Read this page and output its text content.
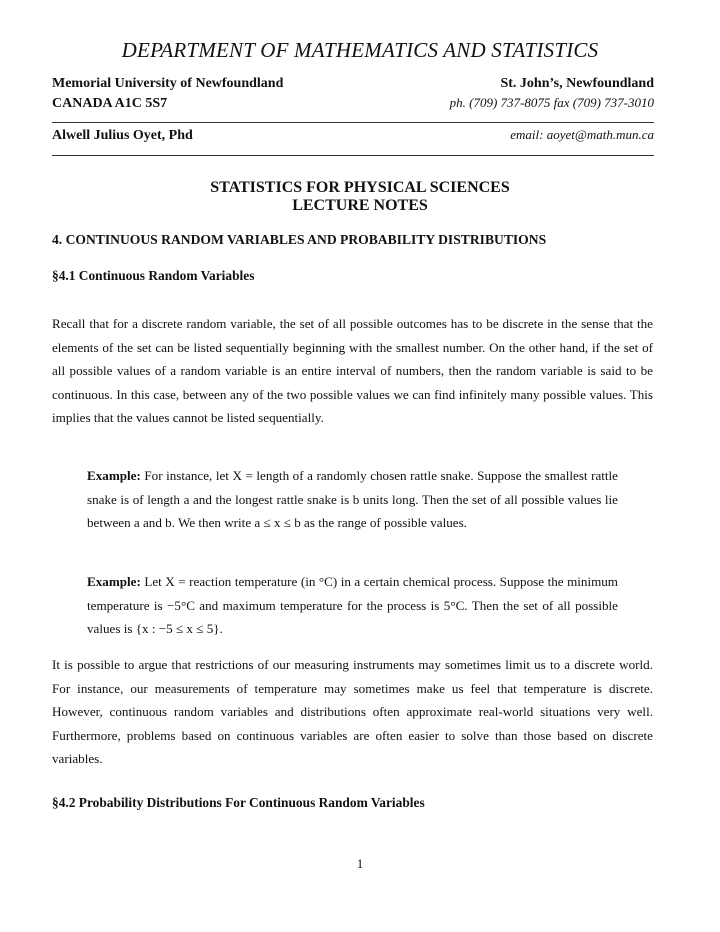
DEPARTMENT OF MATHEMATICS AND STATISTICS
Memorial University of Newfoundland	St. John’s, Newfoundland
CANADA A1C 5S7	ph. (709) 737-8075 fax (709) 737-3010
Alwell Julius Oyet, Phd	email: aoyet@math.mun.ca
STATISTICS FOR PHYSICAL SCIENCES
LECTURE NOTES
4. CONTINUOUS RANDOM VARIABLES AND PROBABILITY DISTRIBUTIONS
§4.1 Continuous Random Variables
Recall that for a discrete random variable, the set of all possible outcomes has to be discrete in the sense that the elements of the set can be listed sequentially beginning with the smallest number. On the other hand, if the set of all possible values of a random variable is an entire interval of numbers, then the random variable is said to be continuous. In this case, between any of the two possible values we can find infinitely many possible values. This implies that the values cannot be listed sequentially.
Example: For instance, let X = length of a randomly chosen rattle snake. Suppose the smallest rattle snake is of length a and the longest rattle snake is b units long. Then the set of all possible values lie between a and b. We then write a ≤ x ≤ b as the range of possible values.
Example: Let X = reaction temperature (in °C) in a certain chemical process. Suppose the minimum temperature is −5°C and maximum temperature for the process is 5°C. Then the set of all possible values is {x : −5 ≤ x ≤ 5}.
It is possible to argue that restrictions of our measuring instruments may sometimes limit us to a discrete world. For instance, our measurements of temperature may sometimes make us feel that temperature is discrete. However, continuous random variables and distributions often approximate real-world situations very well. Furthermore, problems based on continuous variables are often easier to solve than those based on discrete variables.
§4.2 Probability Distributions For Continuous Random Variables
1
